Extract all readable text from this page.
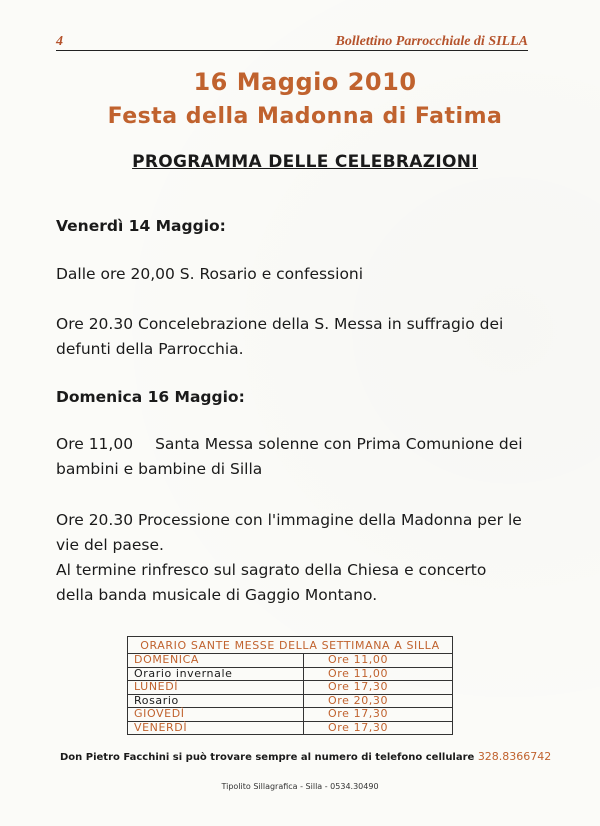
4	Bollettino Parrocchiale di SILLA
16 Maggio 2010
Festa della Madonna di Fatima
PROGRAMMA DELLE CELEBRAZIONI
Venerdì 14 Maggio:
Dalle ore 20,00 S. Rosario e confessioni
Ore 20.30 Concelebrazione della S. Messa in suffragio dei
defunti della Parrocchia.
Domenica 16 Maggio:
Ore 11,00 Santa Messa solenne con Prima Comunione dei
bambini e bambine di Silla
Ore 20.30 Processione con l'immagine della Madonna per le
vie del paese.
Al termine rinfresco sul sagrato della Chiesa e concerto
della banda musicale di Gaggio Montano.
ORARIO SANTE MESSE DELLA SETTIMANA A SILLA	
DOMENICA	Ore 11,00
Orario invernale	Ore 11,00
LUNEDÌ	Ore 17,30
Rosario	Ore 20,30
GIOVEDÌ	Ore 17,30
VENERDÌ	Ore 17,30
Don Pietro Facchini si può trovare sempre al numero di telefono cellulare 328.8366742
Tipolito Sillagrafica - Silla - 0534.30490
